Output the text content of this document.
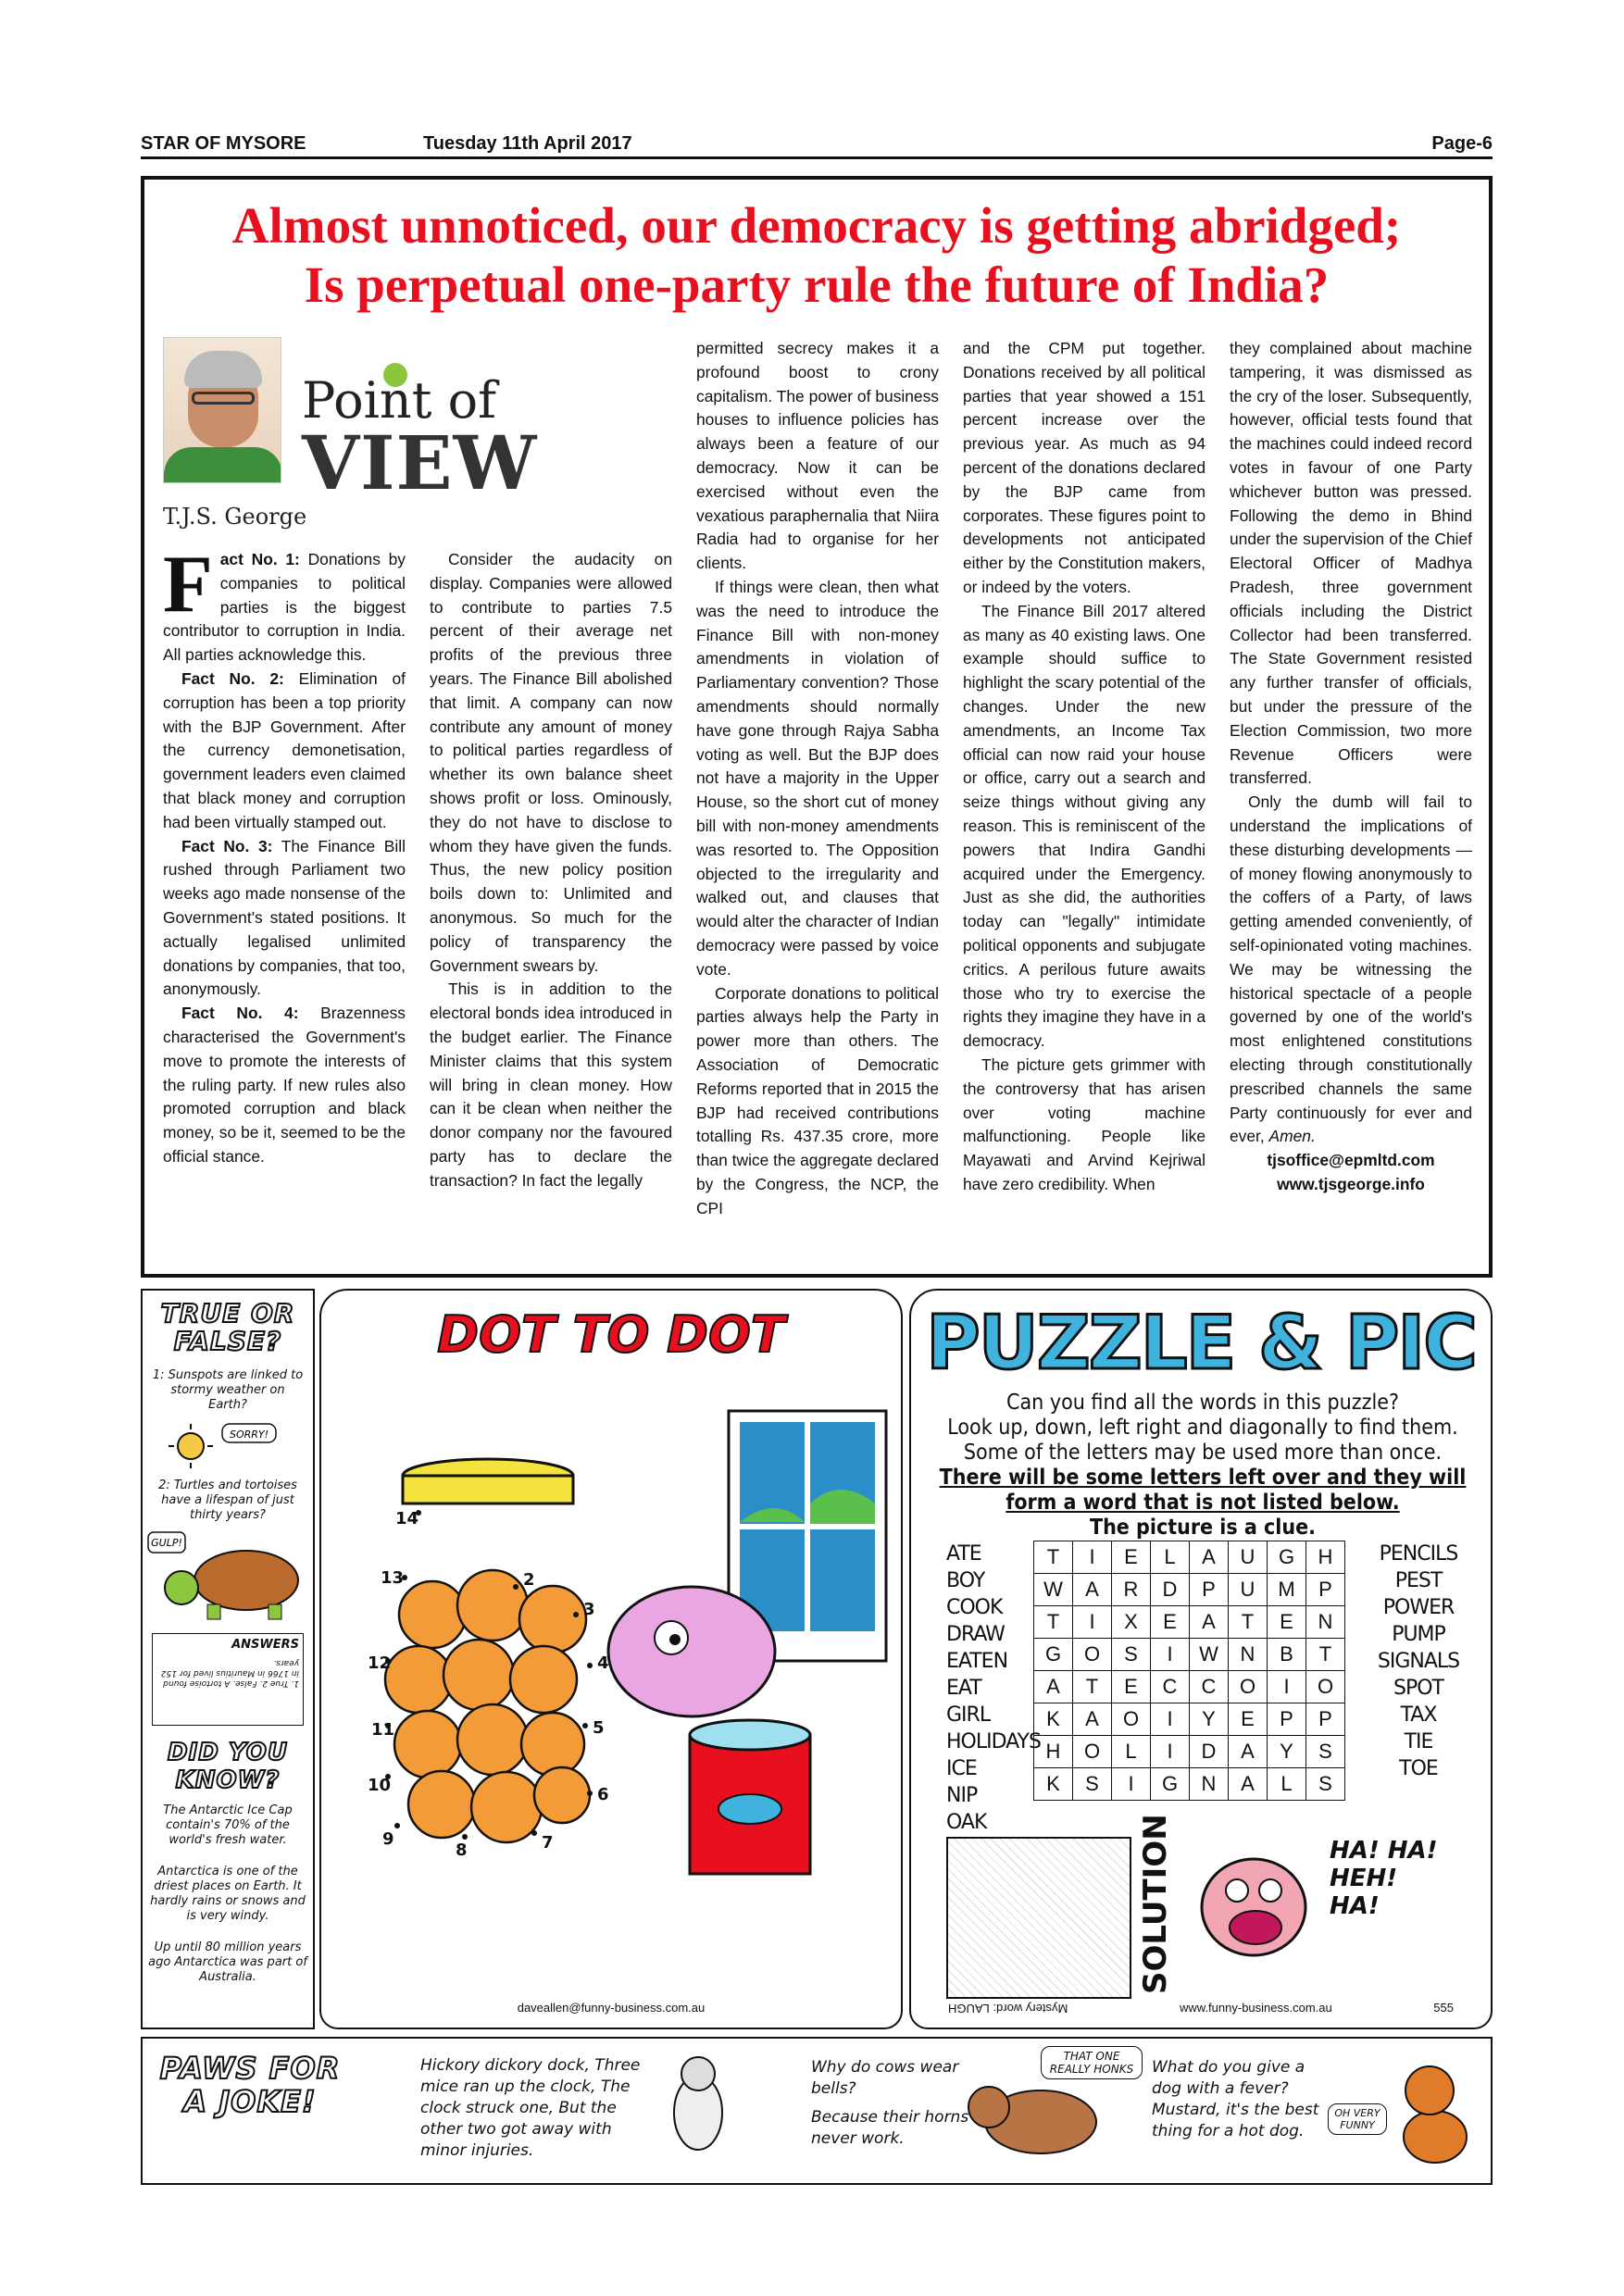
STAR OF MYSORE	Tuesday 11th April 2017	Page-6
Almost unnoticed, our democracy is getting abridged;
Is perpetual one-party rule the future of India?
Point of
VIEW
T.J.S. George

Fact No. 1: Donations by companies to political parties is the biggest contributor to corruption in India. All parties acknowledge this.

Fact No. 2: Elimination of corruption has been a top priority with the BJP Government. After the currency demonetisation, government leaders even claimed that black money and corruption had been virtually stamped out.

Fact No. 3: The Finance Bill rushed through Parliament two weeks ago made nonsense of the Government's stated positions. It actually legalised unlimited donations by companies, that too, anonymously.

Fact No. 4: Brazenness characterised the Government's move to promote the interests of the ruling party. If new rules also promoted corruption and black money, so be it, seemed to be the official stance.

Consider the audacity on display. Companies were allowed to contribute to parties 7.5 percent of their average net profits of the previous three years. The Finance Bill abolished that limit. A company can now contribute any amount of money to political parties regardless of whether its own balance sheet shows profit or loss. Ominously, they do not have to disclose to whom they have given the funds. Thus, the new policy position boils down to: Unlimited and anonymous. So much for the policy of transparency the Government swears by.

This is in addition to the electoral bonds idea introduced in the budget earlier. The Finance Minister claims that this system will bring in clean money. How can it be clean when neither the donor company nor the favoured party has to declare the transaction? In fact the legally

permitted secrecy makes it a profound boost to crony capitalism. The power of business houses to influence policies has always been a feature of our democracy. Now it can be exercised without even the vexatious paraphernalia that Niira Radia had to organise for her clients.

If things were clean, then what was the need to introduce the Finance Bill with non-money amendments in violation of Parliamentary convention? Those amendments should normally have gone through Rajya Sabha voting as well. But the BJP does not have a majority in the Upper House, so the short cut of money bill with non-money amendments was resorted to. The Opposition objected to the irregularity and walked out, and clauses that would alter the character of Indian democracy were passed by voice vote.

Corporate donations to political parties always help the Party in power more than others. The Association of Democratic Reforms reported that in 2015 the BJP had received contributions totalling Rs. 437.35 crore, more than twice the aggregate declared by the Congress, the NCP, the CPI

and the CPM put together. Donations received by all political parties that year showed a 151 percent increase over the previous year. As much as 94 percent of the donations declared by the BJP came from corporates. These figures point to developments not anticipated either by the Constitution makers, or indeed by the voters.

The Finance Bill 2017 altered as many as 40 existing laws. One example should suffice to highlight the scary potential of the changes. Under the new amendments, an Income Tax official can now raid your house or office, carry out a search and seize things without giving any reason. This is reminiscent of the powers that Indira Gandhi acquired under the Emergency. Just as she did, the authorities today can "legally" intimidate political opponents and subjugate critics. A perilous future awaits those who try to exercise the rights they imagine they have in a democracy.

The picture gets grimmer with the controversy that has arisen over voting machine malfunctioning. People like Mayawati and Arvind Kejriwal have zero credibility. When

they complained about machine tampering, it was dismissed as the cry of the loser. Subsequently, however, official tests found that the machines could indeed record votes in favour of one Party whichever button was pressed. Following the demo in Bhind under the supervision of the Chief Electoral Officer of Madhya Pradesh, three government officials including the District Collector had been transferred. The State Government resisted any further transfer of officials, but under the pressure of the Election Commission, two more Revenue Officers were transferred.

Only the dumb will fail to understand the implications of these disturbing developments — of money flowing anonymously to the coffers of a Party, of laws getting amended conveniently, of self-opinionated voting machines. We may be witnessing the historical spectacle of a people governed by one of the world's most enlightened constitutions electing through constitutionally prescribed channels the same Party continuously for ever and ever, Amen.

tjsoffice@epmltd.com

www.tjsgeorge.info

TRUE OR FALSE?
1: Sunspots are linked to stormy weather on Earth?
SORRY!
2: Turtles and tortoises have a lifespan of just thirty years?
GULP!
ANSWERS
1. True 2. False. A tortoise found in 1766 in Mauritius lived for 152 years.
DID YOU KNOW?
The Antarctic Ice Cap contain's 70% of the world's fresh water.
Antarctica is one of the driest places on Earth. It hardly rains or snows and is very windy.
Up until 80 million years ago Antarctica was part of Australia.
DOT TO DOT
2
3
4
5
6
7
8
9
10
11
12
13
14
daveallen@funny-business.com.au
PUZZLE & PIC
Can you find all the words in this puzzle?
Look up, down, left right and diagonally to find them.
Some of the letters may be used more than once.
There will be some letters left over and they will form a word that is not listed below.
The picture is a clue.
ATE
BOY
COOK
DRAW
EATEN
EAT
GIRL
HOLIDAYS
ICE
NIP
OAK
T	I	E	L	A	U	G	H
W	A	R	D	P	U	M	P
T	I	X	E	A	T	E	N
G	O	S	I	W	N	B	T
A	T	E	C	C	O	I	O
K	A	O	I	Y	E	P	P
H	O	L	I	D	A	Y	S
K	S	I	G	N	A	L	S
PENCILS
PEST
POWER
PUMP
SIGNALS
SPOT
TAX
TIE
TOE
SOLUTION
Mystery word: LAUGH
HA! HA! HEH! HA!
www.funny-business.com.au	555
PAWS FOR A JOKE!
Hickory dickory dock, Three mice ran up the clock, The clock struck one, But the other two got away with minor injuries.
Why do cows wear bells?
Because their horns never work.
THAT ONE REALLY HONKS	What do you give a dog with a fever? Mustard, it's the best thing for a hot dog.
OH VERY FUNNY
